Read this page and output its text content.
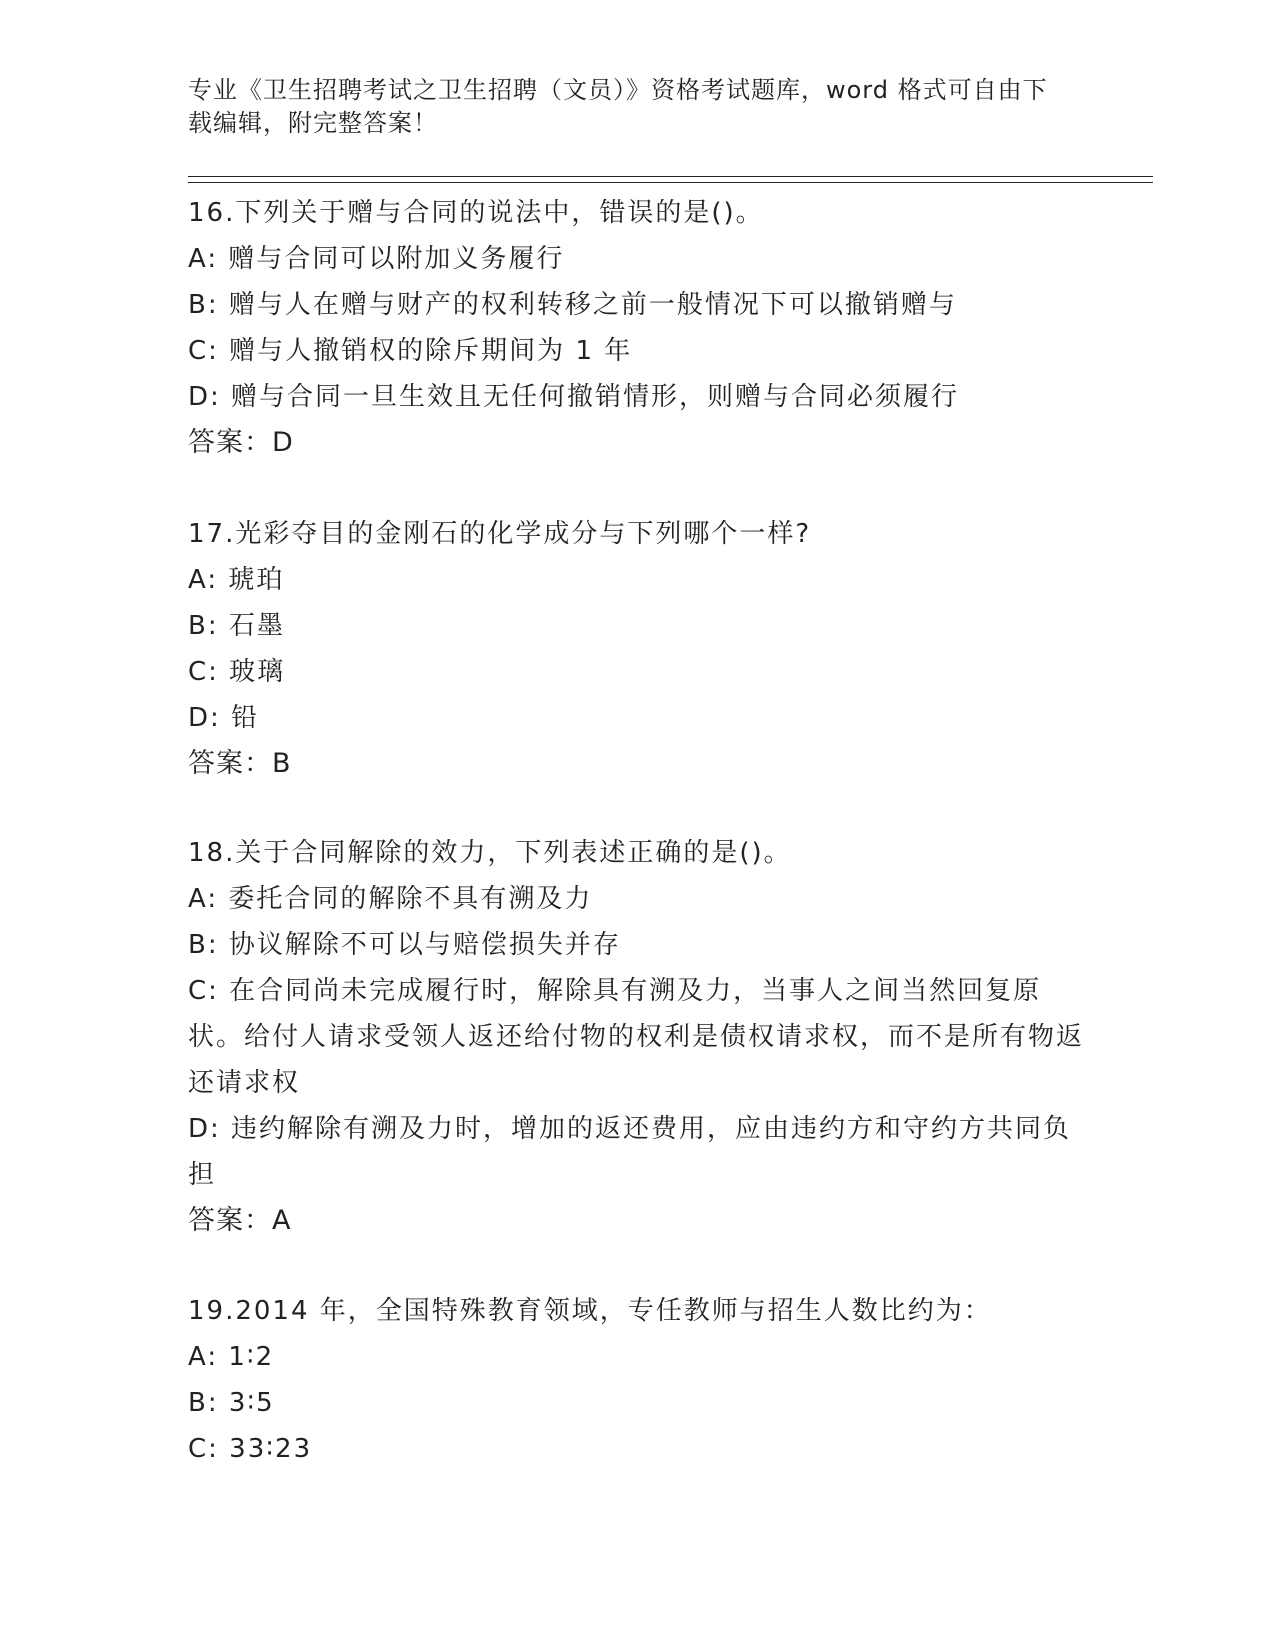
专业《卫生招聘考试之卫生招聘（文员）》资格考试题库，word 格式可自由下载编辑，附完整答案！
16.下列关于赠与合同的说法中，错误的是()。
A: 赠与合同可以附加义务履行
B: 赠与人在赠与财产的权利转移之前一般情况下可以撤销赠与
C: 赠与人撤销权的除斥期间为 1 年
D: 赠与合同一旦生效且无任何撤销情形，则赠与合同必须履行
答案：D
17.光彩夺目的金刚石的化学成分与下列哪个一样?
A: 琥珀
B: 石墨
C: 玻璃
D: 铅
答案：B
18.关于合同解除的效力，下列表述正确的是()。
A: 委托合同的解除不具有溯及力
B: 协议解除不可以与赔偿损失并存
C: 在合同尚未完成履行时，解除具有溯及力，当事人之间当然回复原状。给付人请求受领人返还给付物的权利是债权请求权，而不是所有物返还请求权
D: 违约解除有溯及力时，增加的返还费用，应由违约方和守约方共同负担
答案：A
19.2014 年，全国特殊教育领域，专任教师与招生人数比约为：
A: 1∶2
B: 3∶5
C: 33∶23
